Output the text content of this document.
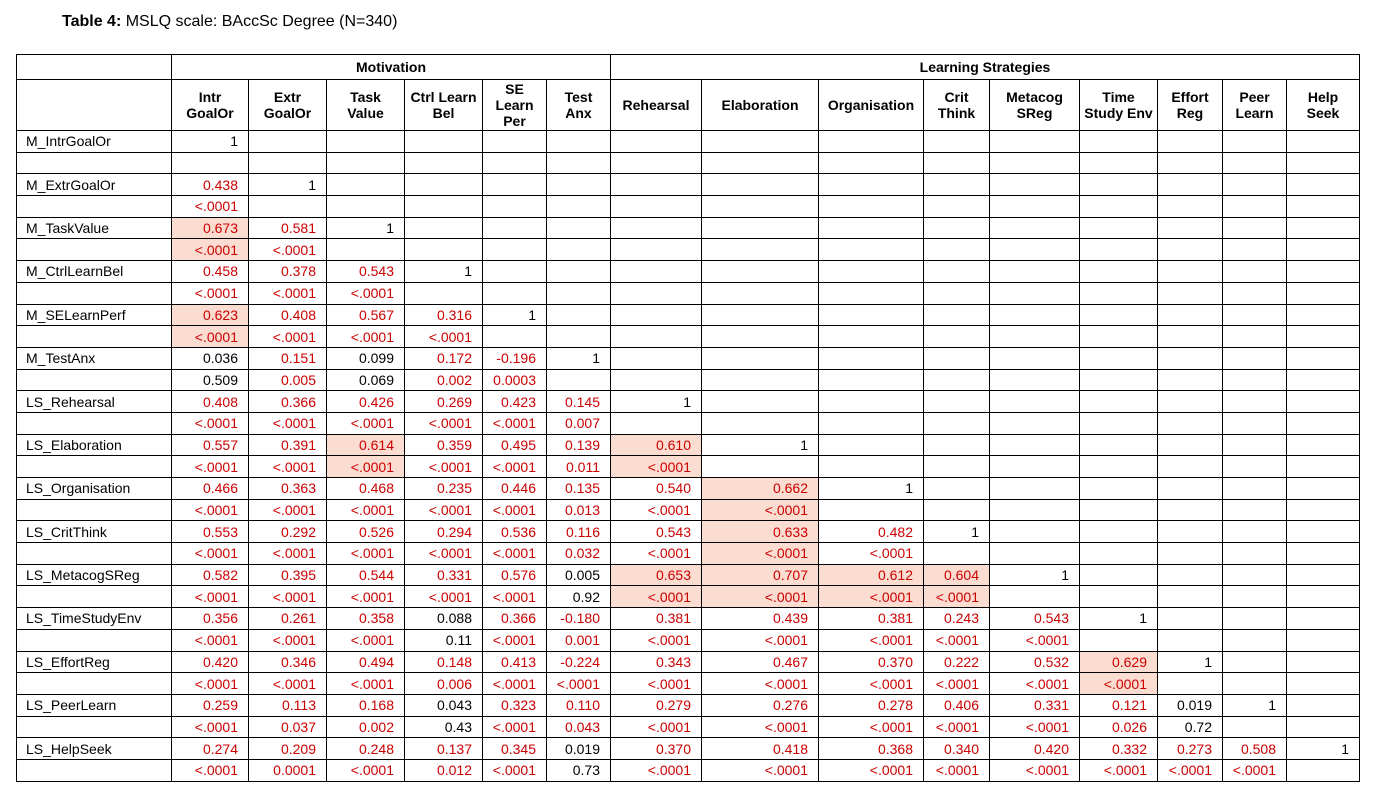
Table 4: MSLQ scale: BAccSc Degree (N=340)
	Motivation						Learning Strategies								
	Intr GoalOr	Extr GoalOr	Task Value	Ctrl Learn Bel	SE Learn Per	Test Anx	Rehearsal	Elaboration	Organisation	Crit Think	Metacog SReg	Time Study Env	Effort Reg	Peer Learn	Help Seek
M_IntrGoalOr	1														

M_ExtrGoalOr	0.438	1													
	<.0001														
M_TaskValue	0.673	0.581	1												
	<.0001	<.0001													
M_CtrlLearnBel	0.458	0.378	0.543	1											
	<.0001	<.0001	<.0001												
M_SELearnPerf	0.623	0.408	0.567	0.316	1										
	<.0001	<.0001	<.0001	<.0001											
M_TestAnx	0.036	0.151	0.099	0.172	-0.196	1									
	0.509	0.005	0.069	0.002	0.0003										
LS_Rehearsal	0.408	0.366	0.426	0.269	0.423	0.145	1								
	<.0001	<.0001	<.0001	<.0001	<.0001	0.007									
LS_Elaboration	0.557	0.391	0.614	0.359	0.495	0.139	0.610	1							
	<.0001	<.0001	<.0001	<.0001	<.0001	0.011	<.0001								
LS_Organisation	0.466	0.363	0.468	0.235	0.446	0.135	0.540	0.662	1						
	<.0001	<.0001	<.0001	<.0001	<.0001	0.013	<.0001	<.0001							
LS_CritThink	0.553	0.292	0.526	0.294	0.536	0.116	0.543	0.633	0.482	1					
	<.0001	<.0001	<.0001	<.0001	<.0001	0.032	<.0001	<.0001	<.0001						
LS_MetacogSReg	0.582	0.395	0.544	0.331	0.576	0.005	0.653	0.707	0.612	0.604	1				
	<.0001	<.0001	<.0001	<.0001	<.0001	0.92	<.0001	<.0001	<.0001	<.0001					
LS_TimeStudyEnv	0.356	0.261	0.358	0.088	0.366	-0.180	0.381	0.439	0.381	0.243	0.543	1			
	<.0001	<.0001	<.0001	0.11	<.0001	0.001	<.0001	<.0001	<.0001	<.0001	<.0001				
LS_EffortReg	0.420	0.346	0.494	0.148	0.413	-0.224	0.343	0.467	0.370	0.222	0.532	0.629	1		
	<.0001	<.0001	<.0001	0.006	<.0001	<.0001	<.0001	<.0001	<.0001	<.0001	<.0001	<.0001			
LS_PeerLearn	0.259	0.113	0.168	0.043	0.323	0.110	0.279	0.276	0.278	0.406	0.331	0.121	0.019	1	
	<.0001	0.037	0.002	0.43	<.0001	0.043	<.0001	<.0001	<.0001	<.0001	<.0001	0.026	0.72		
LS_HelpSeek	0.274	0.209	0.248	0.137	0.345	0.019	0.370	0.418	0.368	0.340	0.420	0.332	0.273	0.508	1
	<.0001	0.0001	<.0001	0.012	<.0001	0.73	<.0001	<.0001	<.0001	<.0001	<.0001	<.0001	<.0001	<.0001	
